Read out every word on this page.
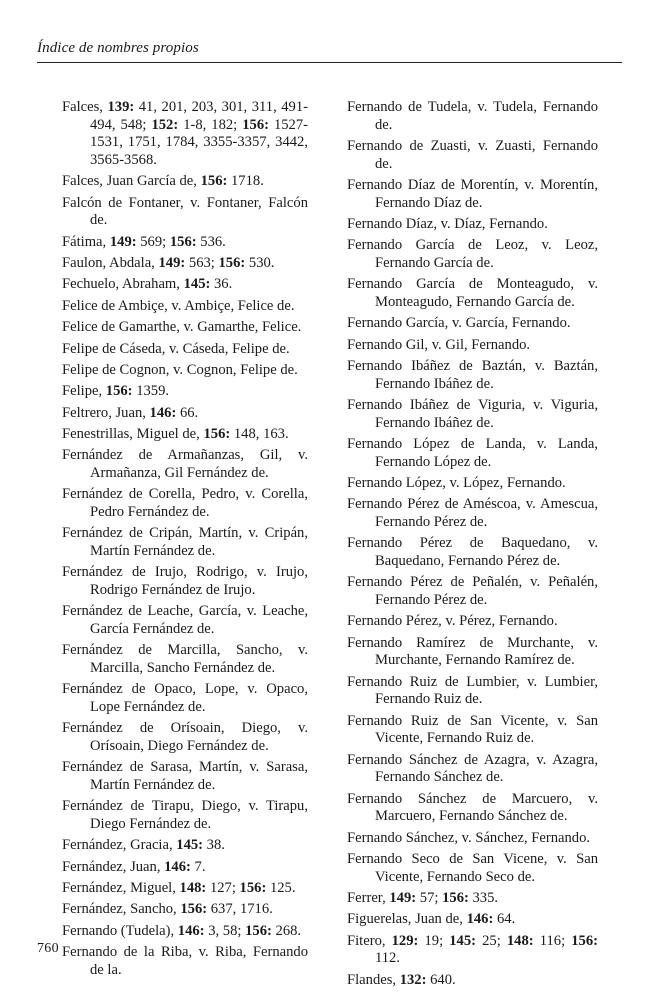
Índice de nombres propios
Falces, 139: 41, 201, 203, 301, 311, 491-494, 548; 152: 1-8, 182; 156: 1527-1531, 1751, 1784, 3355-3357, 3442, 3565-3568.
Falces, Juan García de, 156: 1718.
Falcón de Fontaner, v. Fontaner, Falcón de.
Fátima, 149: 569; 156: 536.
Faulon, Abdala, 149: 563; 156: 530.
Fechuelo, Abraham, 145: 36.
Felice de Ambiçe, v. Ambiçe, Felice de.
Felice de Gamarthe, v. Gamarthe, Felice.
Felipe de Cáseda, v. Cáseda, Felipe de.
Felipe de Cognon, v. Cognon, Felipe de.
Felipe, 156: 1359.
Feltrero, Juan, 146: 66.
Fenestrillas, Miguel de, 156: 148, 163.
Fernández de Armañanzas, Gil, v. Armañanza, Gil Fernández de.
Fernández de Corella, Pedro, v. Corella, Pedro Fernández de.
Fernández de Cripán, Martín, v. Cripán, Martín Fernández de.
Fernández de Irujo, Rodrigo, v. Irujo, Rodrigo Fernández de Irujo.
Fernández de Leache, García, v. Leache, García Fernández de.
Fernández de Marcilla, Sancho, v. Marcilla, Sancho Fernández de.
Fernández de Opaco, Lope, v. Opaco, Lope Fernández de.
Fernández de Orísoain, Diego, v. Orísoain, Diego Fernández de.
Fernández de Sarasa, Martín, v. Sarasa, Martín Fernández de.
Fernández de Tirapu, Diego, v. Tirapu, Diego Fernández de.
Fernández, Gracia, 145: 38.
Fernández, Juan, 146: 7.
Fernández, Miguel, 148: 127; 156: 125.
Fernández, Sancho, 156: 637, 1716.
Fernando (Tudela), 146: 3, 58; 156: 268.
Fernando de la Riba, v. Riba, Fernando de la.
Fernando de Tudela, v. Tudela, Fernando de.
Fernando de Zuasti, v. Zuasti, Fernando de.
Fernando Díaz de Morentín, v. Morentín, Fernando Díaz de.
Fernando Díaz, v. Díaz, Fernando.
Fernando García de Leoz, v. Leoz, Fernando García de.
Fernando García de Monteagudo, v. Monteagudo, Fernando García de.
Fernando García, v. García, Fernando.
Fernando Gil, v. Gil, Fernando.
Fernando Ibáñez de Baztán, v. Baztán, Fernando Ibáñez de.
Fernando Ibáñez de Viguria, v. Viguria, Fernando Ibáñez de.
Fernando López de Landa, v. Landa, Fernando López de.
Fernando López, v. López, Fernando.
Fernando Pérez de Améscoa, v. Amescua, Fernando Pérez de.
Fernando Pérez de Baquedano, v. Baquedano, Fernando Pérez de.
Fernando Pérez de Peñalén, v. Peñalén, Fernando Pérez de.
Fernando Pérez, v. Pérez, Fernando.
Fernando Ramírez de Murchante, v. Murchante, Fernando Ramírez de.
Fernando Ruiz de Lumbier, v. Lumbier, Fernando Ruiz de.
Fernando Ruiz de San Vicente, v. San Vicente, Fernando Ruiz de.
Fernando Sánchez de Azagra, v. Azagra, Fernando Sánchez de.
Fernando Sánchez de Marcuero, v. Marcuero, Fernando Sánchez de.
Fernando Sánchez, v. Sánchez, Fernando.
Fernando Seco de San Vicene, v. San Vicente, Fernando Seco de.
Ferrer, 149: 57; 156: 335.
Figuerelas, Juan de, 146: 64.
Fitero, 129: 19; 145: 25; 148: 116; 156: 112.
Flandes, 132: 640.
760
